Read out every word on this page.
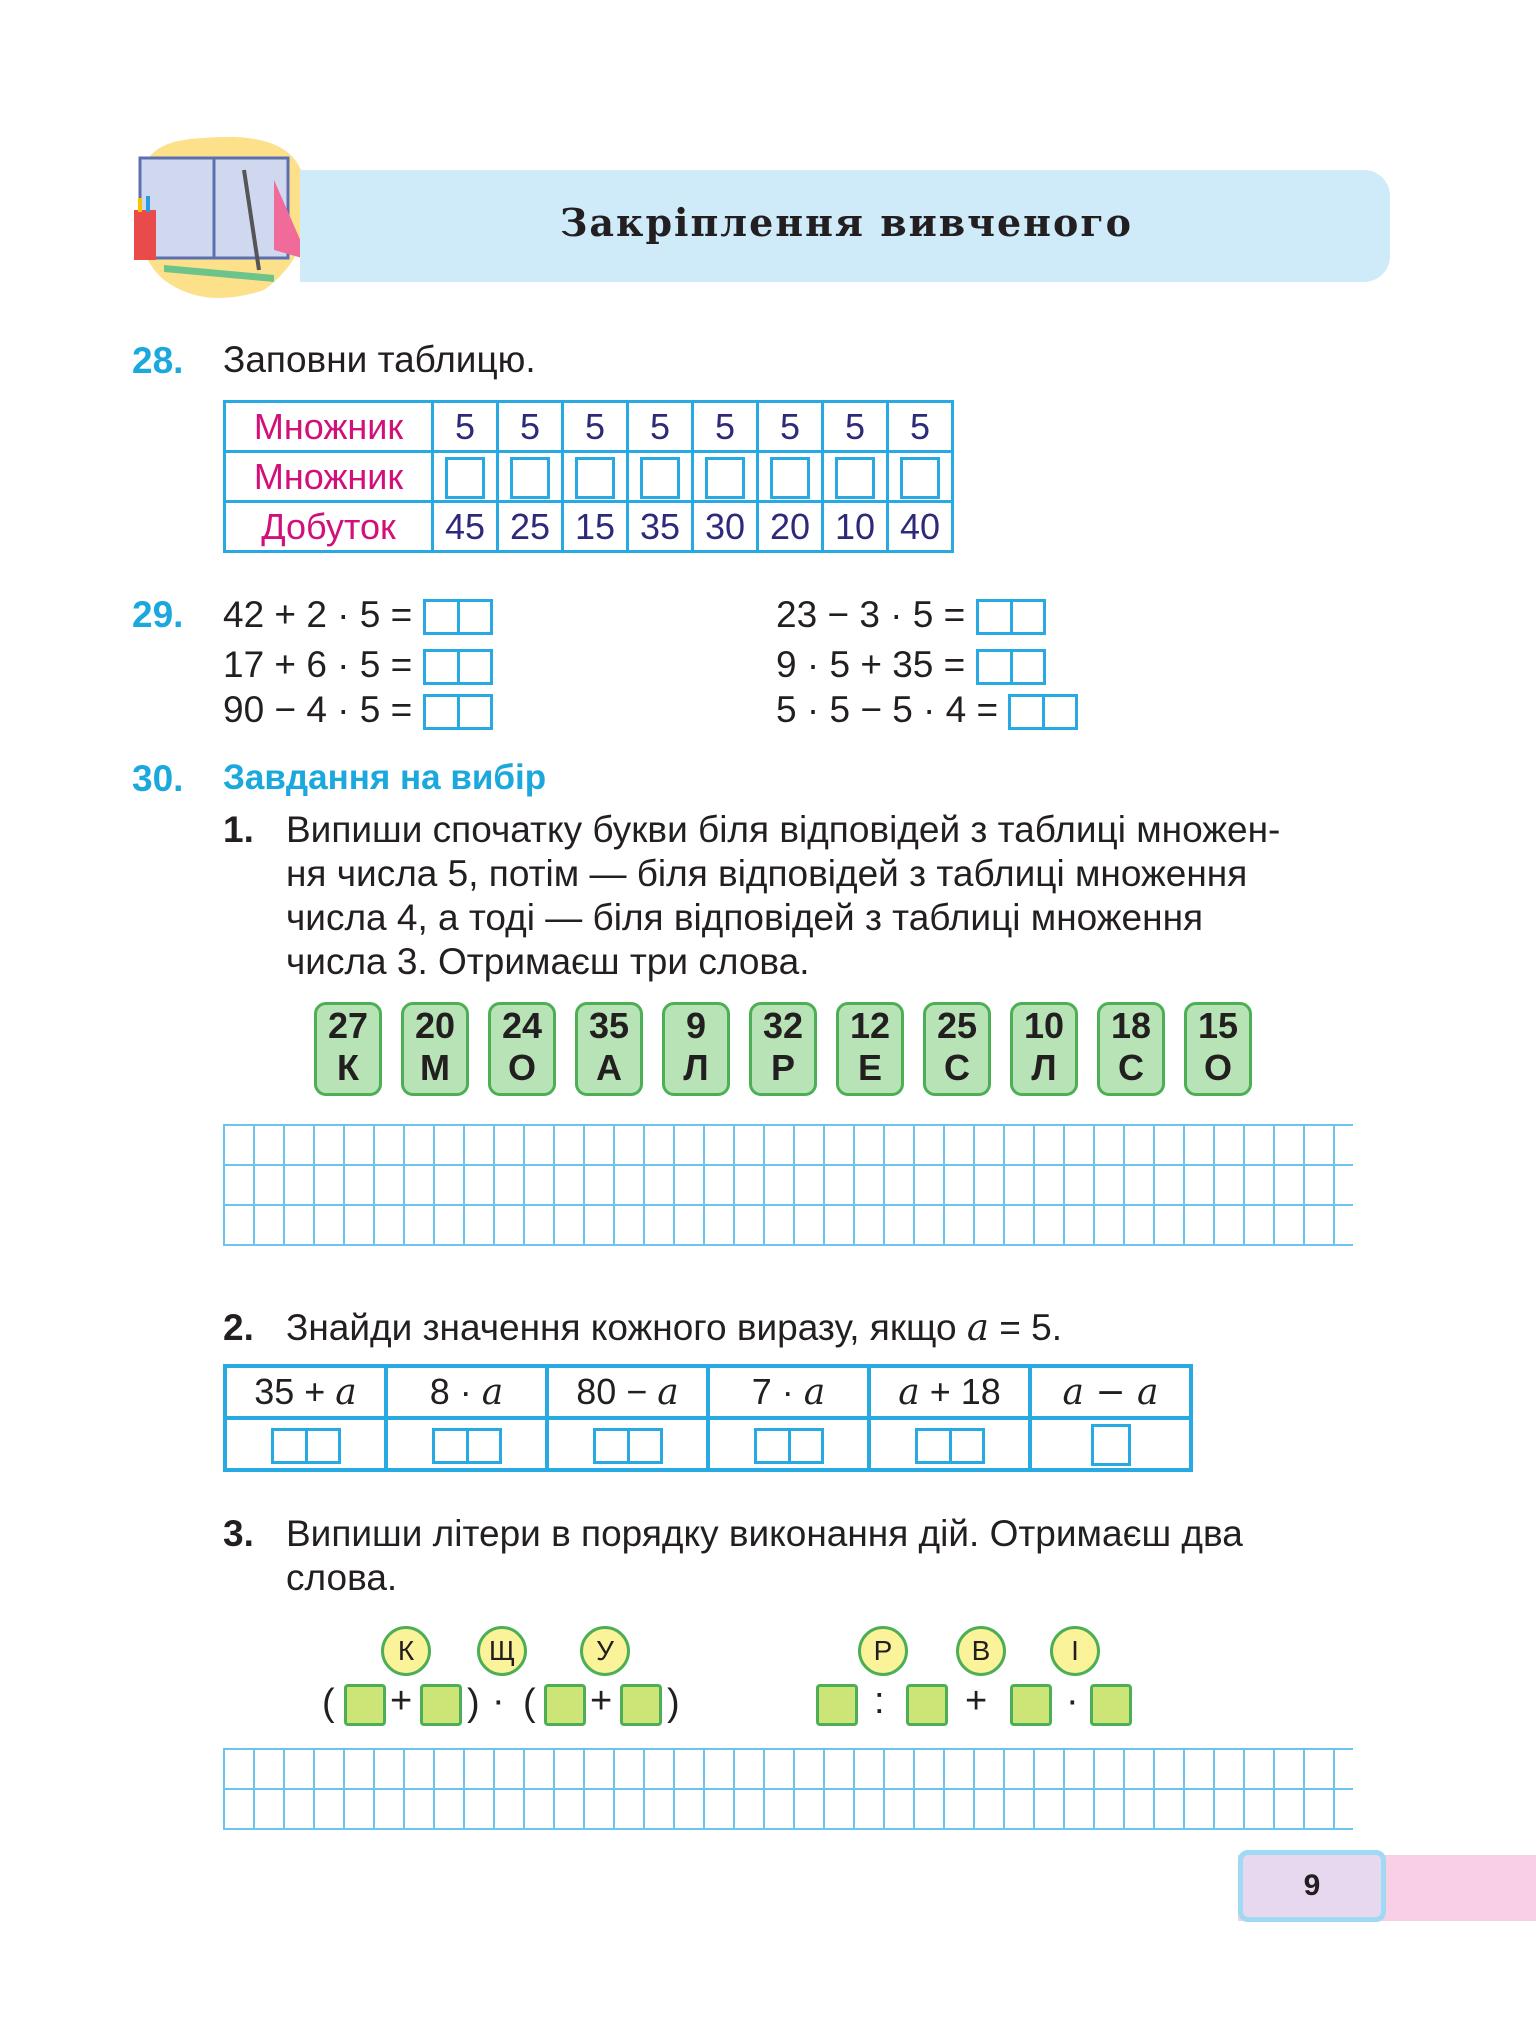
Закріплення вивченого
28. Заповни таблицю.
Множник	5	5	5	5	5	5	5	5
Множник								
Добуток	45	25	15	35	30	20	10	40
29. 42 + 2 · 5 =
17 + 6 · 5 =
90 − 4 · 5 =
23 − 3 · 5 =
9 · 5 + 35 =
5 · 5 − 5 · 4 =
30. Завдання на вибір
1. Випиши спочатку букви біля відповідей з таблиці множен-
ня числа 5, потім — біля відповідей з таблиці множення
числа 4, а тоді — біля відповідей з таблиці множення
числа 3. Отримаєш три слова.
27
К
20
М
24
О
35
А
9
Л
32
Р
12
Е
25
С
10
Л
18
С
15
О
2. Знайди значення кожного виразу, якщо a = 5.
35 + a	8 · a	80 − a	7 · a	a + 18	a − a

3. Випиши літери в порядку виконання дій. Отримаєш два
слова.
К	Щ	У
( + ) · ( + )
Р	В	І
: + ·
9
